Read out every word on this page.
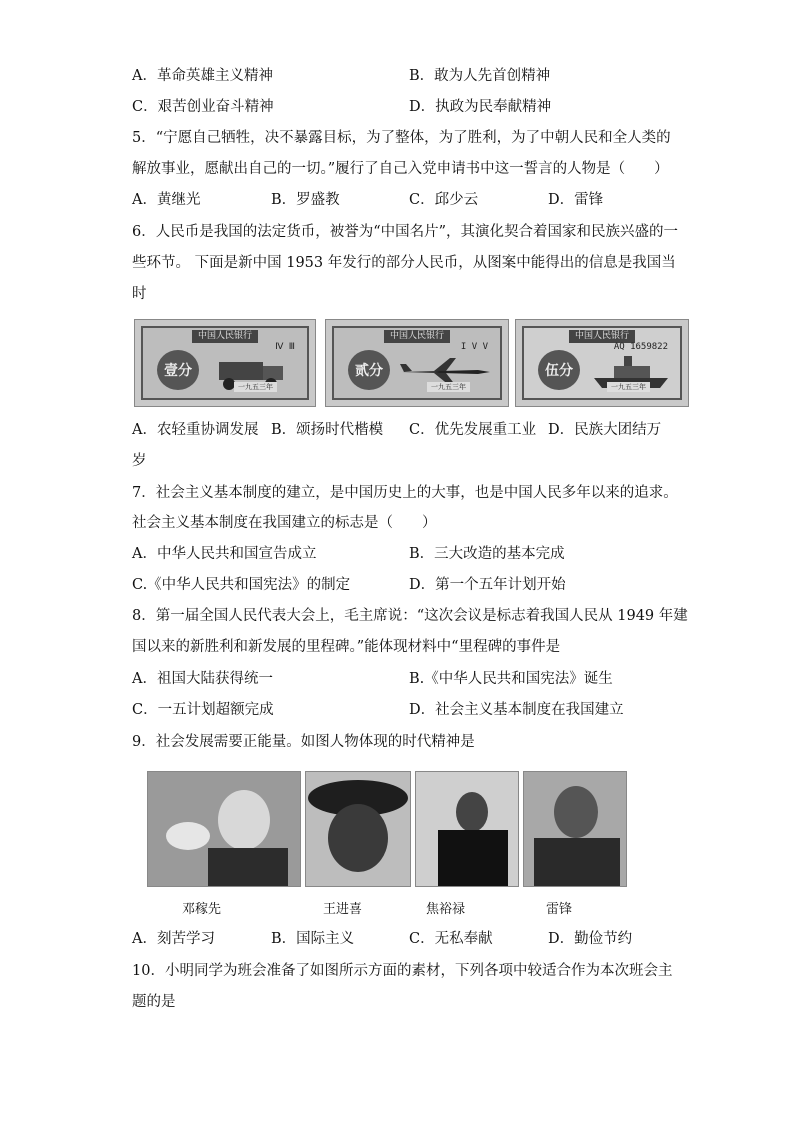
A．革命英雄主义精神	B．敢为人先首创精神
C．艰苦创业奋斗精神	D．执政为民奉献精神
5．“宁愿自己牺牲，决不暴露目标，为了整体，为了胜利，为了中朝人民和全人类的
解放事业，愿献出自己的一切。”履行了自己入党申请书中这一誓言的人物是（　　）
A．黄继光	B．罗盛教	C．邱少云	D．雷锋
6．人民币是我国的法定货币，被誉为“中国名片”，其演化契合着国家和民族兴盛的一
些环节。 下面是新中国 1953 年发行的部分人民币，从图案中能得出的信息是我国当
时
中国人民银行
壹分
Ⅳ Ⅲ
一九五三年
中国人民银行
贰分
I V V
一九五三年
中国人民银行
伍分
AQ 1659822
一九五三年
A．农轻重协调发展 B．颂扬时代楷模 C．优先发展重工业 D．民族大团结万
岁
7．社会主义基本制度的建立，是中国历史上的大事，也是中国人民多年以来的追求。
社会主义基本制度在我国建立的标志是（　　）
A．中华人民共和国宣告成立	B．三大改造的基本完成
C.《中华人民共和国宪法》的制定	D．第一个五年计划开始
8．第一届全国人民代表大会上，毛主席说：“这次会议是标志着我国人民从 1949 年建
国以来的新胜利和新发展的里程碑。”能体现材料中“里程碑的事件是
A．祖国大陆获得统一	B.《中华人民共和国宪法》诞生
C．一五计划超额完成	D．社会主义基本制度在我国建立
9．社会发展需要正能量。如图人物体现的时代精神是
邓稼先	王进喜	焦裕禄	雷锋
A．刻苦学习	B．国际主义	C．无私奉献	D．勤俭节约
10．小明同学为班会准备了如图所示方面的素材，下列各项中较适合作为本次班会主
题的是
